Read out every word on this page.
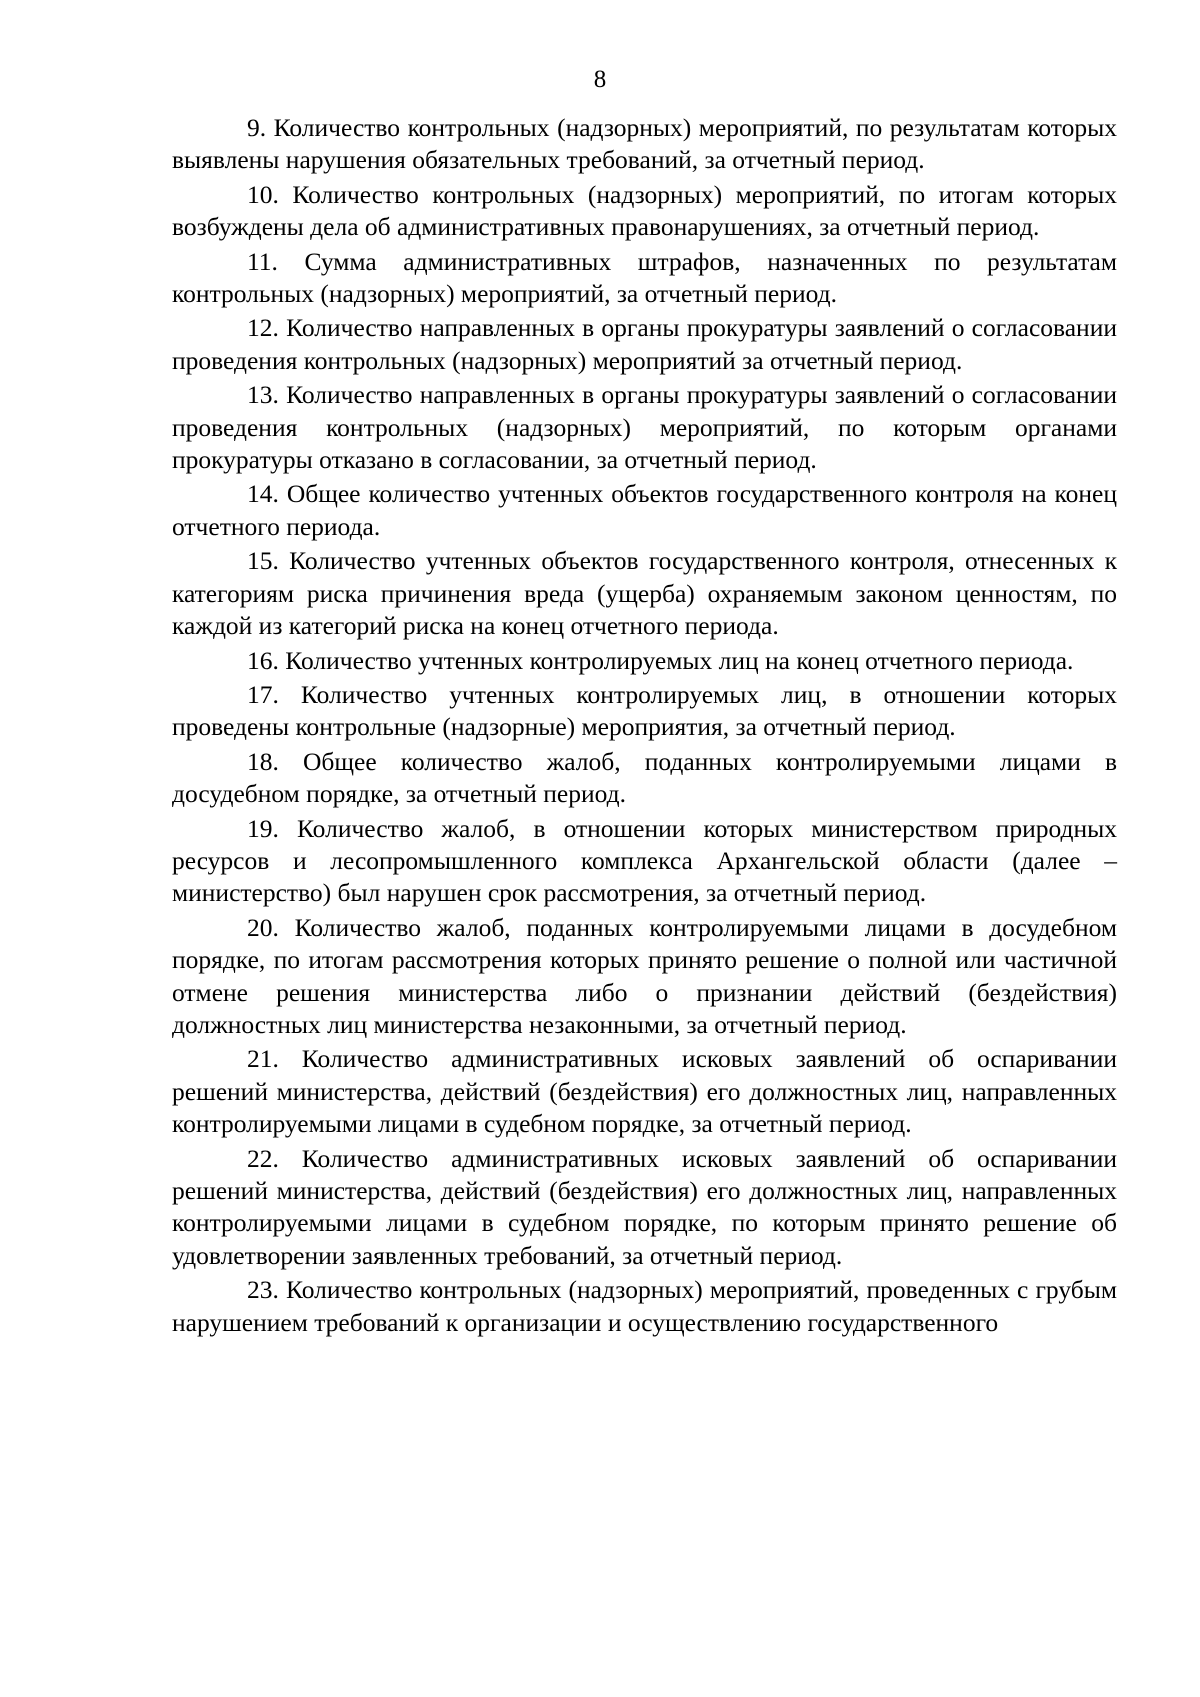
8

9. Количество контрольных (надзорных) мероприятий, по результатам которых выявлены нарушения обязательных требований, за отчетный период.

10. Количество контрольных (надзорных) мероприятий, по итогам которых возбуждены дела об административных правонарушениях, за отчетный период.

11. Сумма административных штрафов, назначенных по результатам контрольных (надзорных) мероприятий, за отчетный период.

12. Количество направленных в органы прокуратуры заявлений о согласовании проведения контрольных (надзорных) мероприятий за отчетный период.

13. Количество направленных в органы прокуратуры заявлений о согласовании проведения контрольных (надзорных) мероприятий, по которым органами прокуратуры отказано в согласовании, за отчетный период.

14. Общее количество учтенных объектов государственного контроля на конец отчетного периода.

15. Количество учтенных объектов государственного контроля, отнесенных к категориям риска причинения вреда (ущерба) охраняемым законом ценностям, по каждой из категорий риска на конец отчетного периода.

16. Количество учтенных контролируемых лиц на конец отчетного периода.

17. Количество учтенных контролируемых лиц, в отношении которых проведены контрольные (надзорные) мероприятия, за отчетный период.

18. Общее количество жалоб, поданных контролируемыми лицами в досудебном порядке, за отчетный период.

19. Количество жалоб, в отношении которых министерством природных ресурсов и лесопромышленного комплекса Архангельской области (далее – министерство) был нарушен срок рассмотрения, за отчетный период.

20. Количество жалоб, поданных контролируемыми лицами в досудебном порядке, по итогам рассмотрения которых принято решение о полной или частичной отмене решения министерства либо о признании действий (бездействия) должностных лиц министерства незаконными, за отчетный период.

21. Количество административных исковых заявлений об оспаривании решений министерства, действий (бездействия) его должностных лиц, направленных контролируемыми лицами в судебном порядке, за отчетный период.

22. Количество административных исковых заявлений об оспаривании решений министерства, действий (бездействия) его должностных лиц, направленных контролируемыми лицами в судебном порядке, по которым принято решение об удовлетворении заявленных требований, за отчетный период.

23. Количество контрольных (надзорных) мероприятий, проведенных с грубым нарушением требований к организации и осуществлению государственного
